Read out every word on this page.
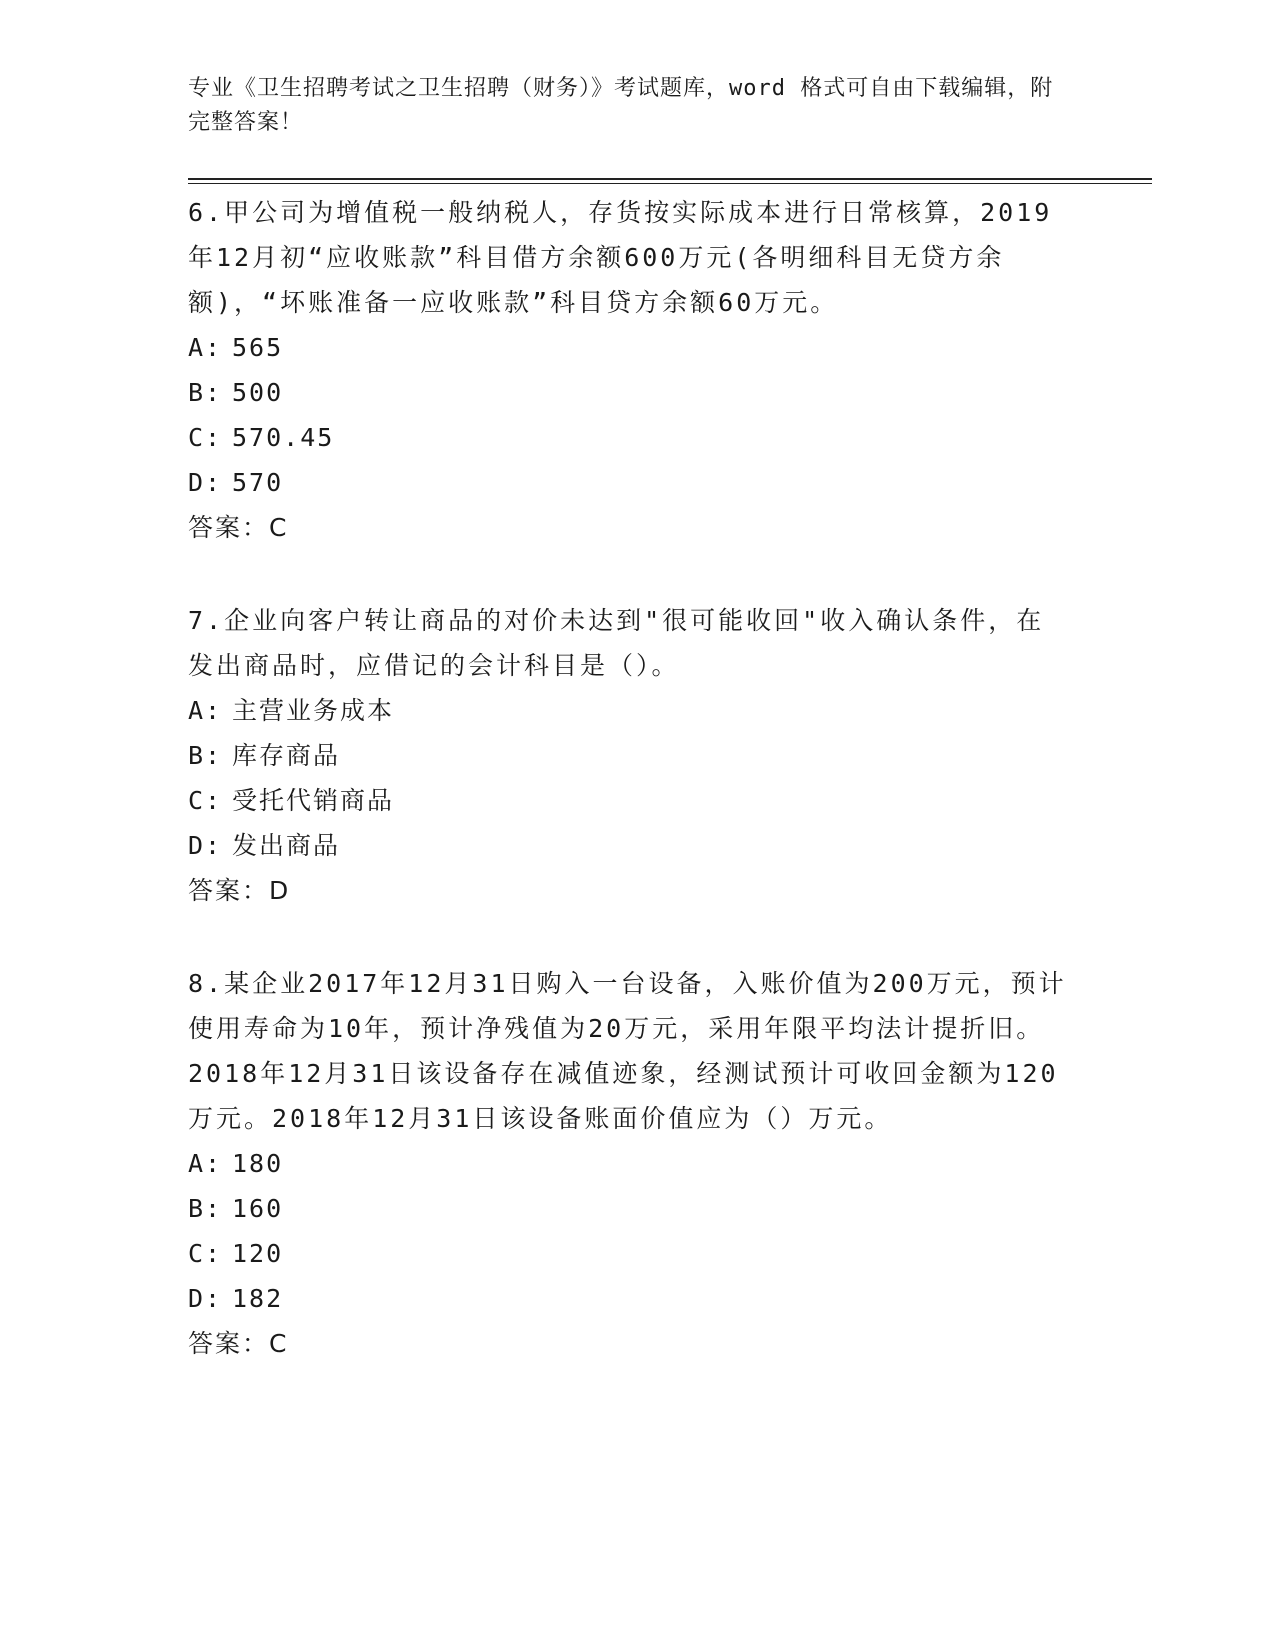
专业《卫生招聘考试之卫生招聘（财务）》考试题库，word 格式可自由下载编辑，附完整答案！

6.甲公司为增值税一般纳税人，存货按实际成本进行日常核算，2019年12月初“应收账款”科目借方余额600万元(各明细科目无贷方余额)，“坏账准备一应收账款”科目贷方余额60万元。

A: 565
B: 500
C: 570.45
D: 570
答案：C

7.企业向客户转让商品的对价未达到"很可能收回"收入确认条件，在发出商品时，应借记的会计科目是（）。

A: 主营业务成本
B: 库存商品
C: 受托代销商品
D: 发出商品
答案：D

8.某企业2017年12月31日购入一台设备，入账价值为200万元，预计使用寿命为10年，预计净残值为20万元，采用年限平均法计提折旧。2018年12月31日该设备存在减值迹象，经测试预计可收回金额为120万元。2018年12月31日该设备账面价值应为（）万元。

A: 180
B: 160
C: 120
D: 182
答案：C
